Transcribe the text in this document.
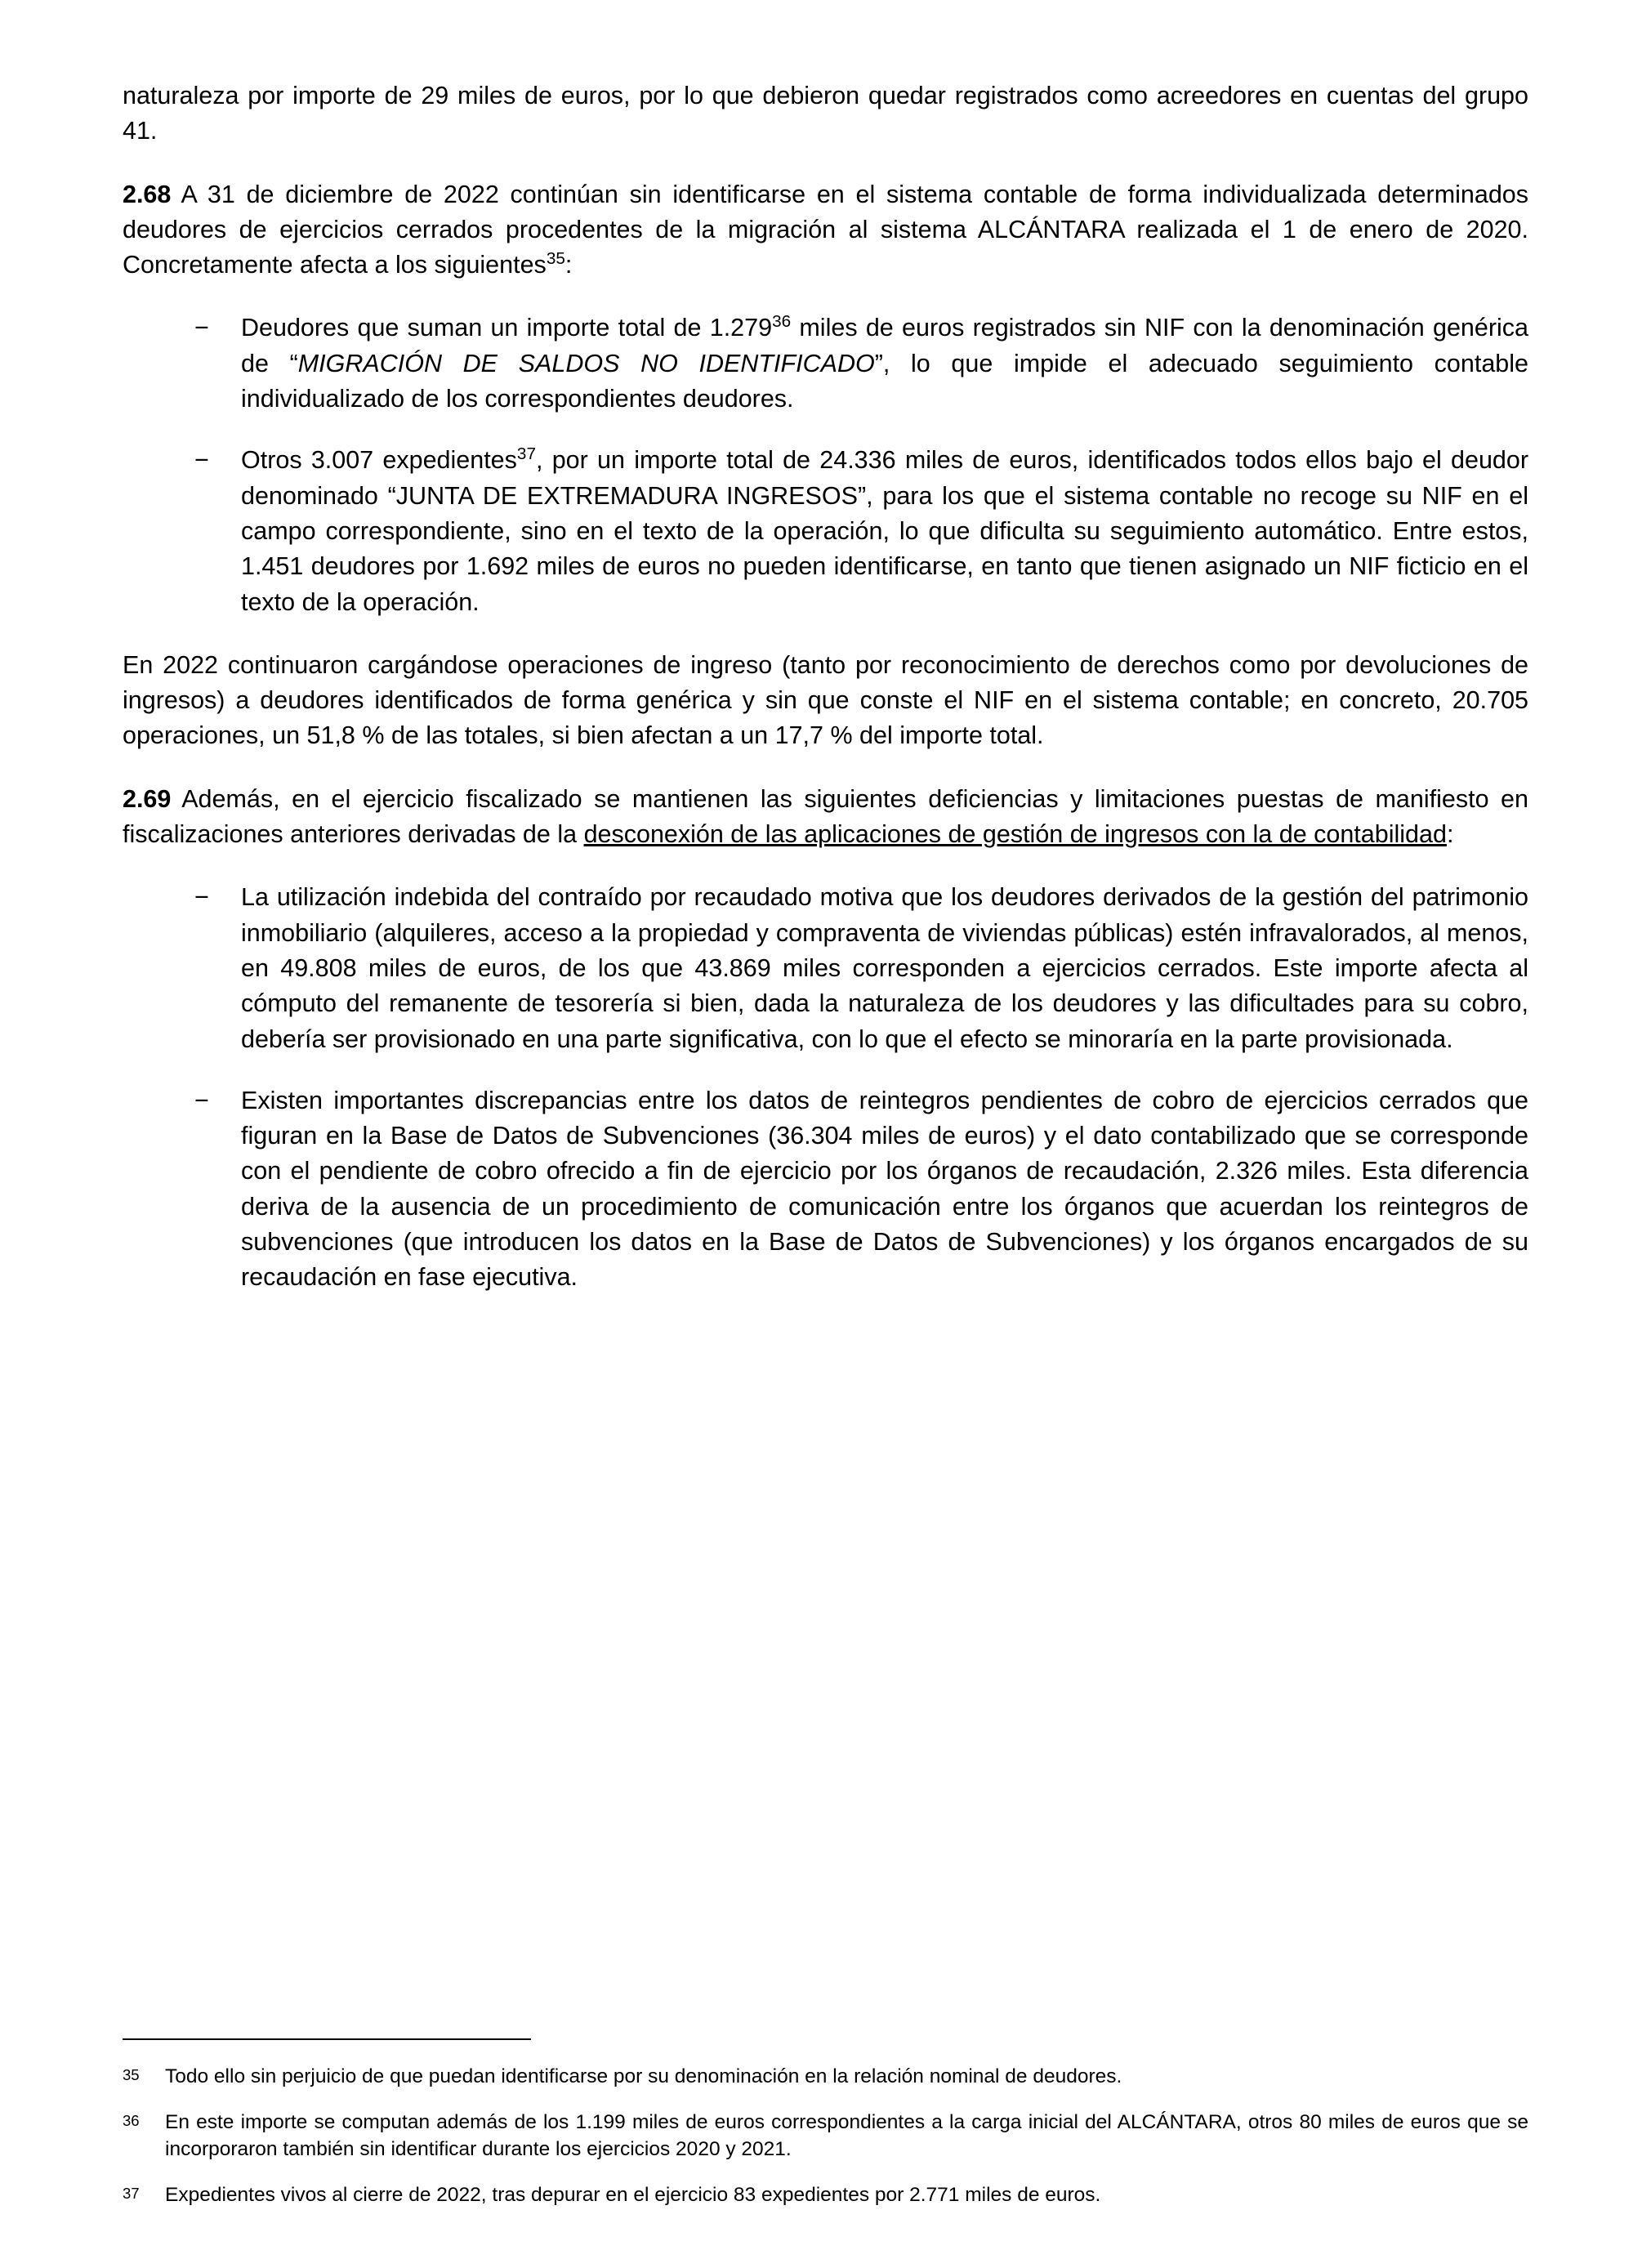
naturaleza por importe de 29 miles de euros, por lo que debieron quedar registrados como acreedores en cuentas del grupo 41.

2.68 A 31 de diciembre de 2022 continúan sin identificarse en el sistema contable de forma individualizada determinados deudores de ejercicios cerrados procedentes de la migración al sistema ALCÁNTARA realizada el 1 de enero de 2020. Concretamente afecta a los siguientes$^{35}$:

− Deudores que suman un importe total de 1.279$^{36}$ miles de euros registrados sin NIF con la denominación genérica de “MIGRACIÓN DE SALDOS NO IDENTIFICADO”, lo que impide el adecuado seguimiento contable individualizado de los correspondientes deudores.
− Otros 3.007 expedientes$^{37}$, por un importe total de 24.336 miles de euros, identificados todos ellos bajo el deudor denominado “JUNTA DE EXTREMADURA INGRESOS”, para los que el sistema contable no recoge su NIF en el campo correspondiente, sino en el texto de la operación, lo que dificulta su seguimiento automático. Entre estos, 1.451 deudores por 1.692 miles de euros no pueden identificarse, en tanto que tienen asignado un NIF ficticio en el texto de la operación.

En 2022 continuaron cargándose operaciones de ingreso (tanto por reconocimiento de derechos como por devoluciones de ingresos) a deudores identificados de forma genérica y sin que conste el NIF en el sistema contable; en concreto, 20.705 operaciones, un 51,8 % de las totales, si bien afectan a un 17,7 % del importe total.

2.69 Además, en el ejercicio fiscalizado se mantienen las siguientes deficiencias y limitaciones puestas de manifiesto en fiscalizaciones anteriores derivadas de la desconexión de las aplicaciones de gestión de ingresos con la de contabilidad:

− La utilización indebida del contraído por recaudado motiva que los deudores derivados de la gestión del patrimonio inmobiliario (alquileres, acceso a la propiedad y compraventa de viviendas públicas) estén infravalorados, al menos, en 49.808 miles de euros, de los que 43.869 miles corresponden a ejercicios cerrados. Este importe afecta al cómputo del remanente de tesorería si bien, dada la naturaleza de los deudores y las dificultades para su cobro, debería ser provisionado en una parte significativa, con lo que el efecto se minoraría en la parte provisionada.
− Existen importantes discrepancias entre los datos de reintegros pendientes de cobro de ejercicios cerrados que figuran en la Base de Datos de Subvenciones (36.304 miles de euros) y el dato contabilizado que se corresponde con el pendiente de cobro ofrecido a fin de ejercicio por los órganos de recaudación, 2.326 miles. Esta diferencia deriva de la ausencia de un procedimiento de comunicación entre los órganos que acuerdan los reintegros de subvenciones (que introducen los datos en la Base de Datos de Subvenciones) y los órganos encargados de su recaudación en fase ejecutiva.
35	Todo ello sin perjuicio de que puedan identificarse por su denominación en la relación nominal de deudores.
36	En este importe se computan además de los 1.199 miles de euros correspondientes a la carga inicial del ALCÁNTARA, otros 80 miles de euros que se incorporaron también sin identificar durante los ejercicios 2020 y 2021.
37	Expedientes vivos al cierre de 2022, tras depurar en el ejercicio 83 expedientes por 2.771 miles de euros.
